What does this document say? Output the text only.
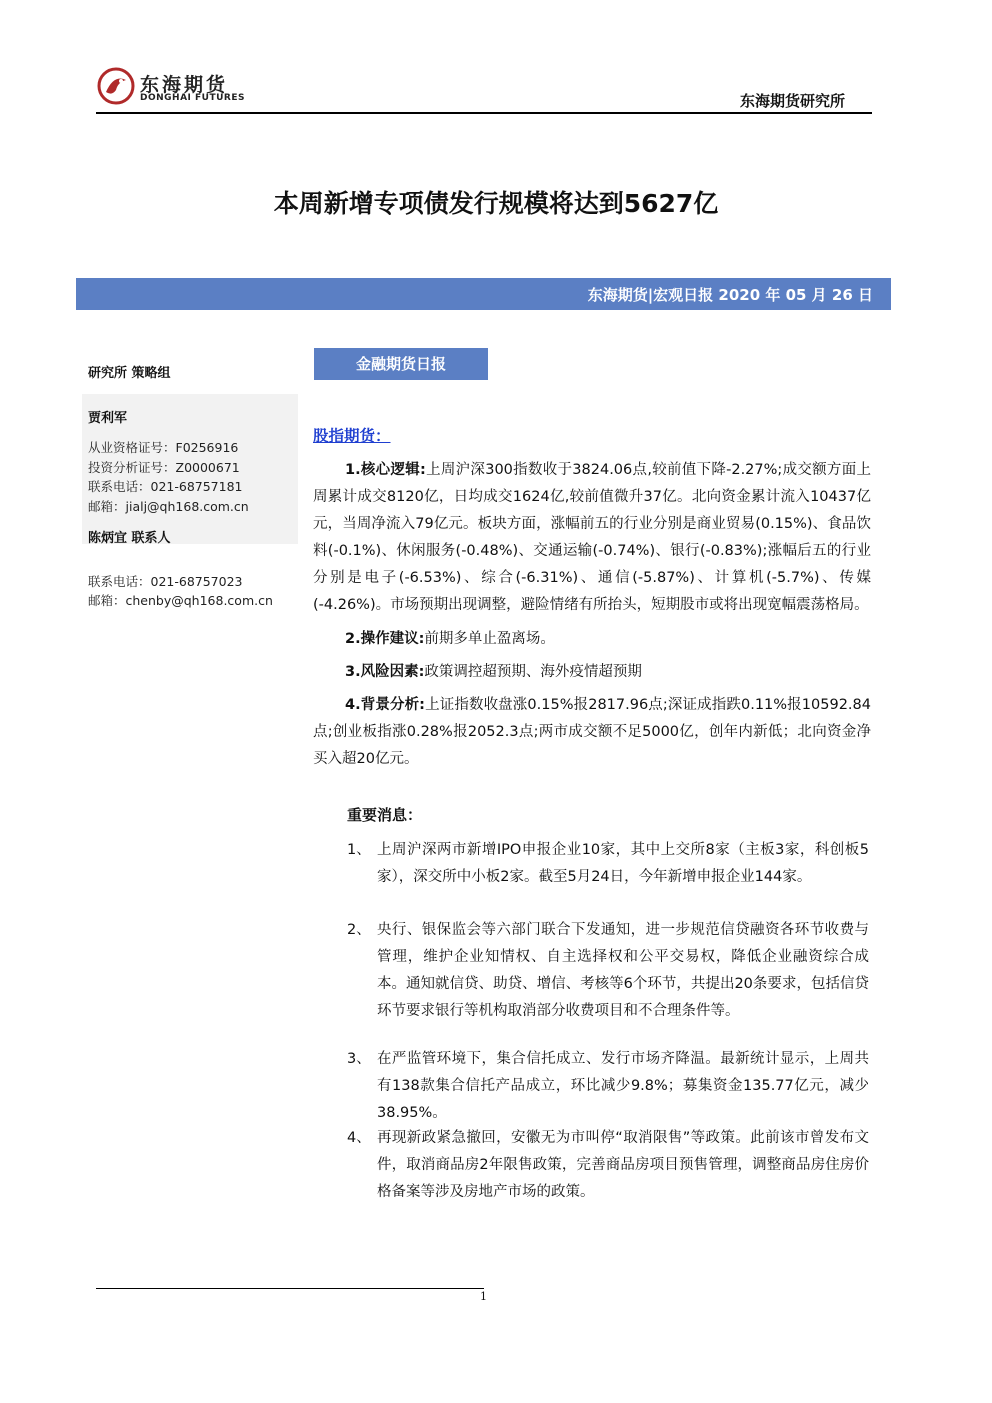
东海期货
DONGHAI FUTURES	东海期货研究所
本周新增专项债发行规模将达到5627亿
东海期货|宏观日报 2020 年 05 月 26 日
研究所 策略组
贾利军
从业资格证号：F0256916
投资分析证号：Z0000671
联系电话：021-68757181
邮箱：jialj@qh168.com.cn
陈炳宜 联系人
联系电话：021-68757023
邮箱：chenby@qh168.com.cn
金融期货日报
股指期货：
1.核心逻辑:上周沪深300指数收于3824.06点,较前值下降-2.27%;成交额方面上周累计成交8120亿，日均成交1624亿,较前值微升37亿。北向资金累计流入10437亿元，当周净流入79亿元。板块方面，涨幅前五的行业分别是商业贸易(0.15%)、食品饮料(-0.1%)、休闲服务(-0.48%)、交通运输(-0.74%)、银行(-0.83%);涨幅后五的行业分别是电子(-6.53%)、综合(-6.31%)、通信(-5.87%)、计算机(-5.7%)、传媒(-4.26%)。市场预期出现调整，避险情绪有所抬头，短期股市或将出现宽幅震荡格局。
2.操作建议:前期多单止盈离场。
3.风险因素:政策调控超预期、海外疫情超预期
4.背景分析:上证指数收盘涨0.15%报2817.96点;深证成指跌0.11%报10592.84点;创业板指涨0.28%报2052.3点;两市成交额不足5000亿，创年内新低；北向资金净买入超20亿元。
重要消息：
1、 上周沪深两市新增IPO申报企业10家，其中上交所8家（主板3家，科创板5家），深交所中小板2家。截至5月24日，今年新增申报企业144家。
2、 央行、银保监会等六部门联合下发通知，进一步规范信贷融资各环节收费与管理，维护企业知情权、自主选择权和公平交易权，降低企业融资综合成本。通知就信贷、助贷、增信、考核等6个环节，共提出20条要求，包括信贷环节要求银行等机构取消部分收费项目和不合理条件等。
3、 在严监管环境下，集合信托成立、发行市场齐降温。最新统计显示，上周共有138款集合信托产品成立，环比减少9.8%；募集资金135.77亿元，减少38.95%。
4、 再现新政紧急撤回，安徽无为市叫停“取消限售”等政策。此前该市曾发布文件，取消商品房2年限售政策，完善商品房项目预售管理，调整商品房住房价格备案等涉及房地产市场的政策。
1
